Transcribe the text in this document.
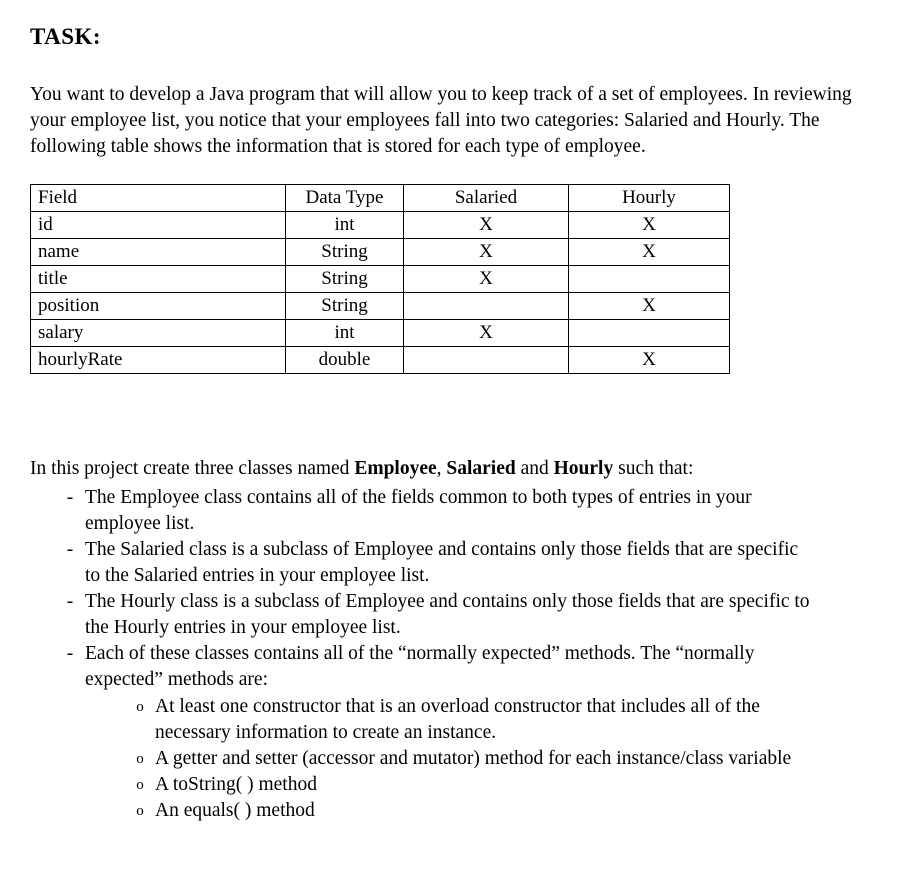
TASK:

You want to develop a Java program that will allow you to keep track of a set of employees. In reviewing your employee list, you notice that your employees fall into two categories: Salaried and Hourly. The following table shows the information that is stored for each type of employee.

Field	Data Type	Salaried	Hourly
id	int	X	X
name	String	X	X
title	String	X	
position	String		X
salary	int	X	
hourlyRate	double		X

In this project create three classes named Employee, Salaried and Hourly such that:

- The Employee class contains all of the fields common to both types of entries in your employee list.
- The Salaried class is a subclass of Employee and contains only those fields that are specific to the Salaried entries in your employee list.
- The Hourly class is a subclass of Employee and contains only those fields that are specific to the Hourly entries in your employee list.
- Each of these classes contains all of the “normally expected” methods. The “normally expected” methods are:
o At least one constructor that is an overload constructor that includes all of the necessary information to create an instance.
o A getter and setter (accessor and mutator) method for each instance/class variable
o A toString( ) method
o An equals( ) method
